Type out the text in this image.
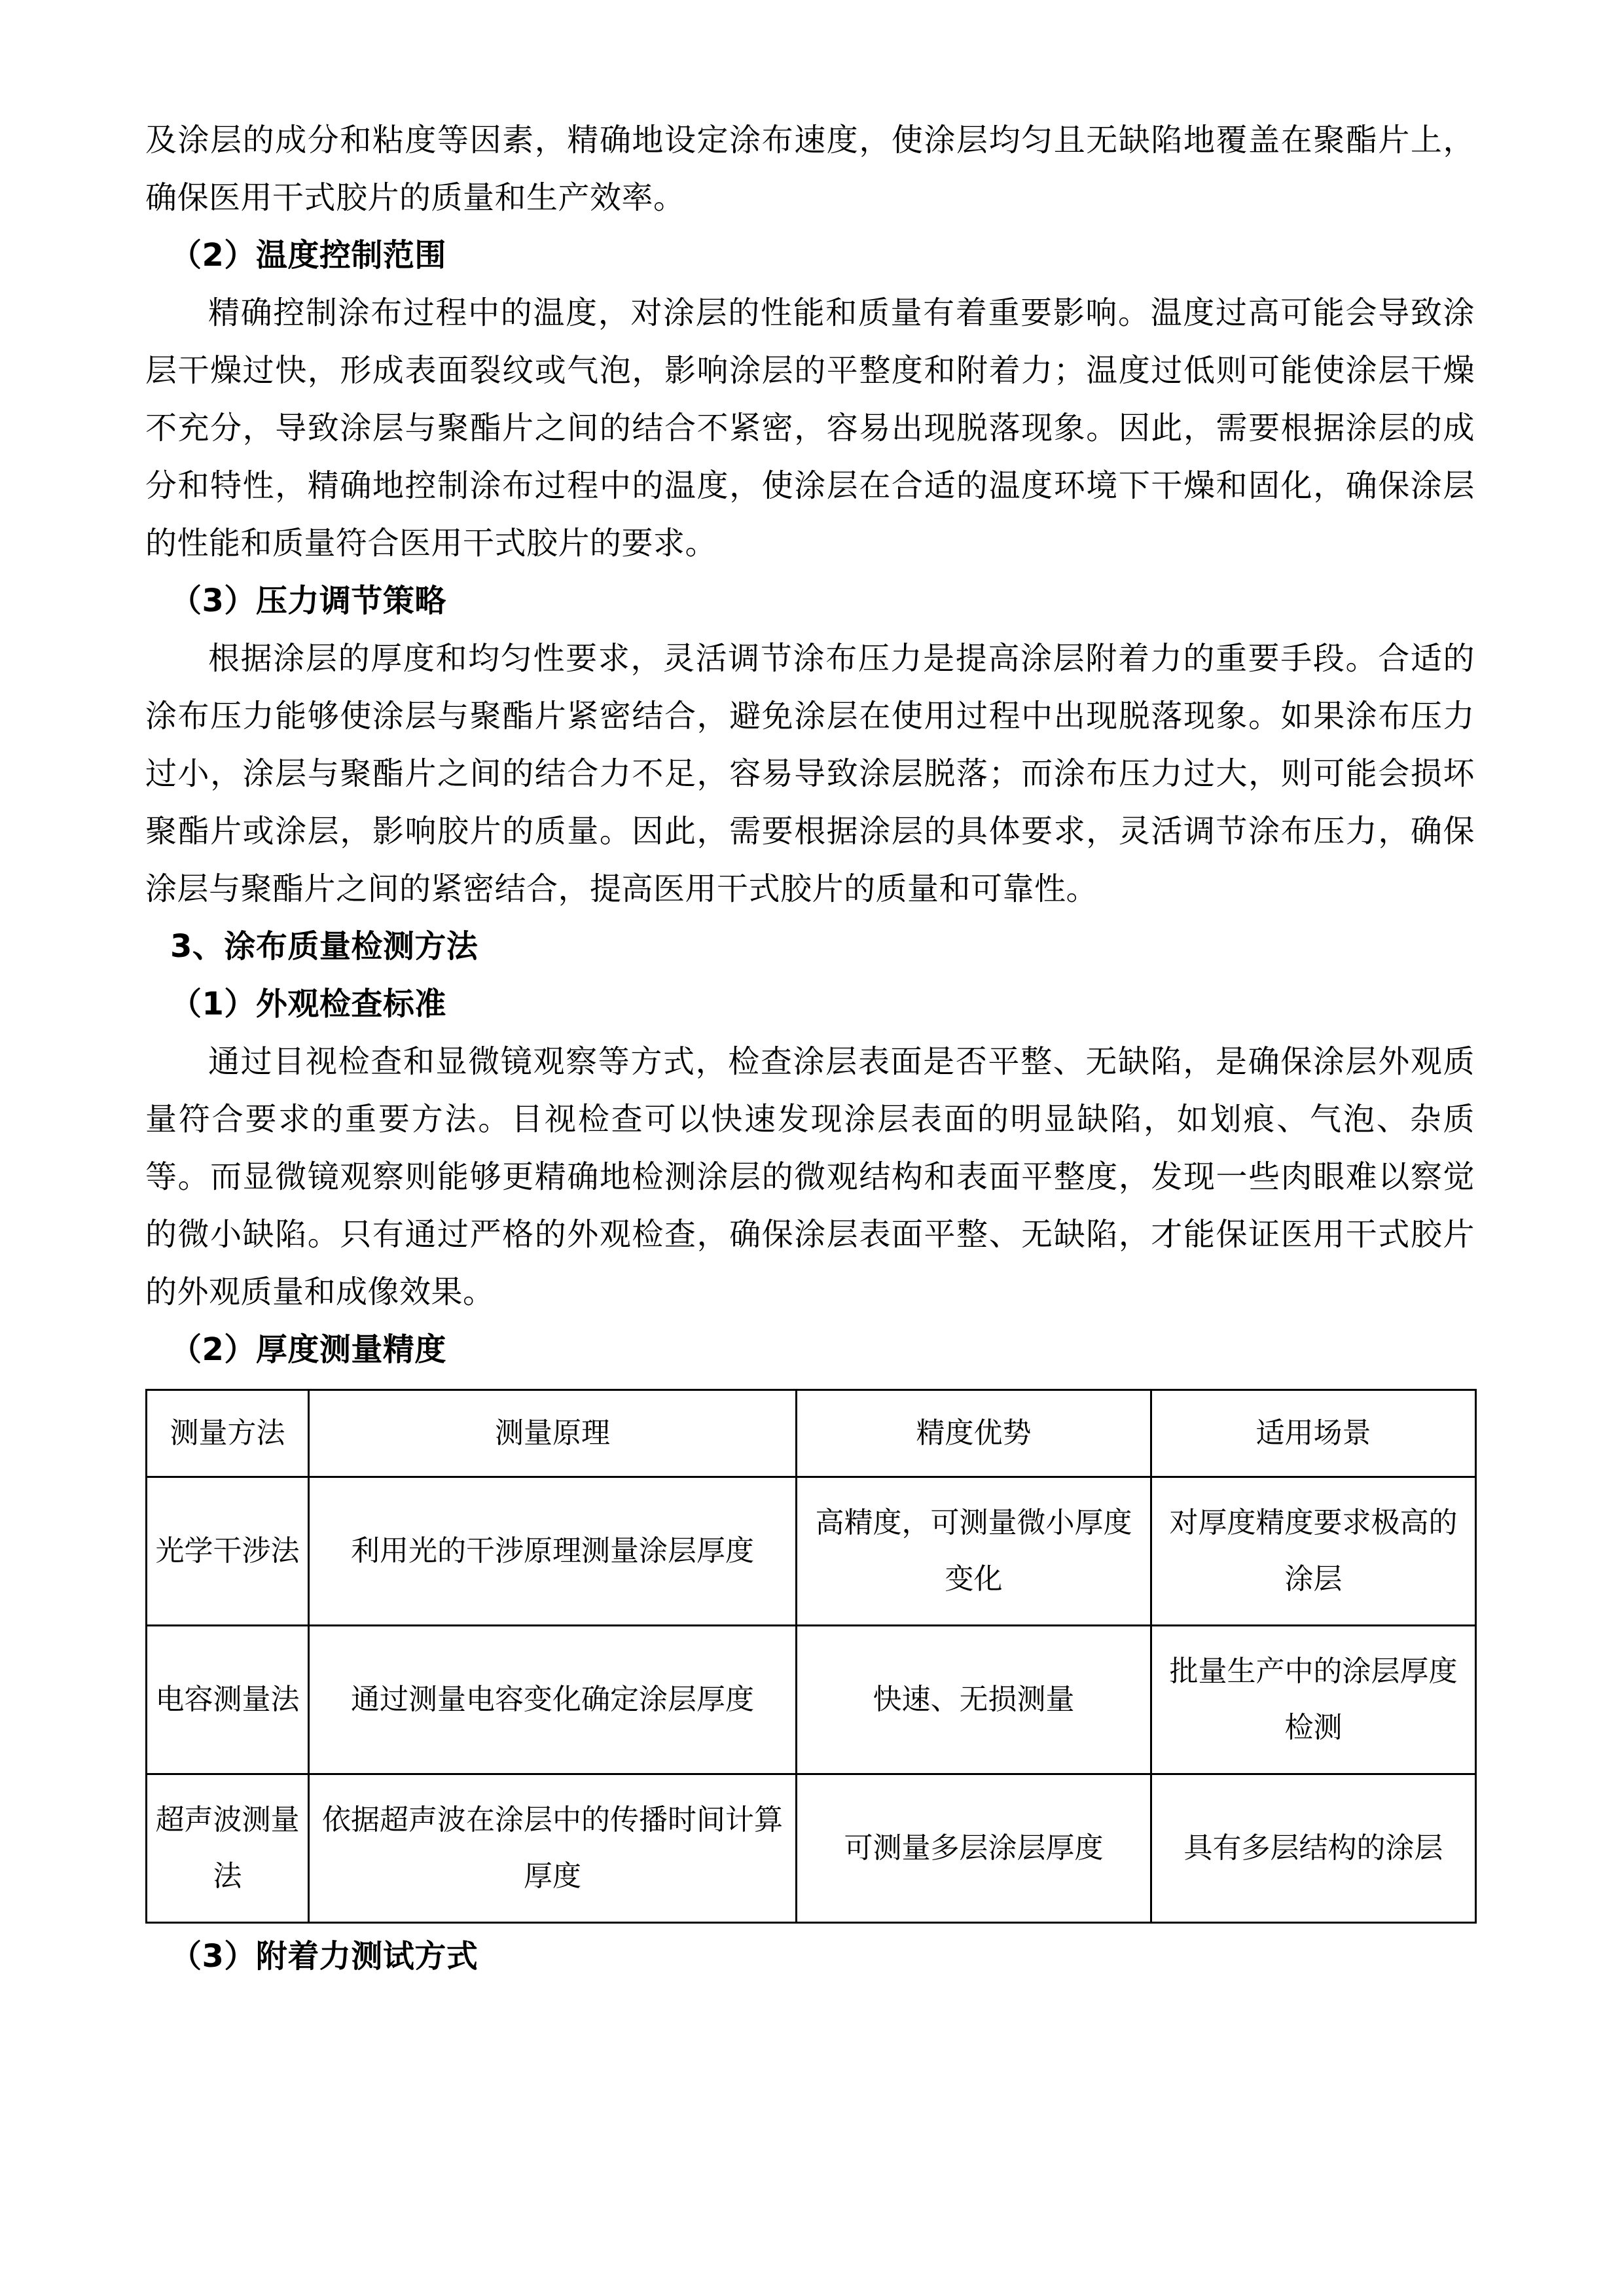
及涂层的成分和粘度等因素，精确地设定涂布速度，使涂层均匀且无缺陷地覆盖在聚酯片上，确保医用干式胶片的质量和生产效率。

（2）温度控制范围

精确控制涂布过程中的温度，对涂层的性能和质量有着重要影响。温度过高可能会导致涂层干燥过快，形成表面裂纹或气泡，影响涂层的平整度和附着力；温度过低则可能使涂层干燥不充分，导致涂层与聚酯片之间的结合不紧密，容易出现脱落现象。因此，需要根据涂层的成分和特性，精确地控制涂布过程中的温度，使涂层在合适的温度环境下干燥和固化，确保涂层的性能和质量符合医用干式胶片的要求。

（3）压力调节策略

根据涂层的厚度和均匀性要求，灵活调节涂布压力是提高涂层附着力的重要手段。合适的涂布压力能够使涂层与聚酯片紧密结合，避免涂层在使用过程中出现脱落现象。如果涂布压力过小，涂层与聚酯片之间的结合力不足，容易导致涂层脱落；而涂布压力过大，则可能会损坏聚酯片或涂层，影响胶片的质量。因此，需要根据涂层的具体要求，灵活调节涂布压力，确保涂层与聚酯片之间的紧密结合，提高医用干式胶片的质量和可靠性。

3、涂布质量检测方法
（1）外观检查标准

通过目视检查和显微镜观察等方式，检查涂层表面是否平整、无缺陷，是确保涂层外观质量符合要求的重要方法。目视检查可以快速发现涂层表面的明显缺陷，如划痕、气泡、杂质等。而显微镜观察则能够更精确地检测涂层的微观结构和表面平整度，发现一些肉眼难以察觉的微小缺陷。只有通过严格的外观检查，确保涂层表面平整、无缺陷，才能保证医用干式胶片的外观质量和成像效果。

（2）厚度测量精度
测量方法	测量原理	精度优势	适用场景

光学干涉法	利用光的干涉原理测量涂层厚度	高精度，可测量微小厚度变化	对厚度精度要求极高的涂层

电容测量法	通过测量电容变化确定涂层厚度	快速、无损测量	批量生产中的涂层厚度检测

超声波测量法	依据超声波在涂层中的传播时间计算厚度	可测量多层涂层厚度	具有多层结构的涂层
（3）附着力测试方式
